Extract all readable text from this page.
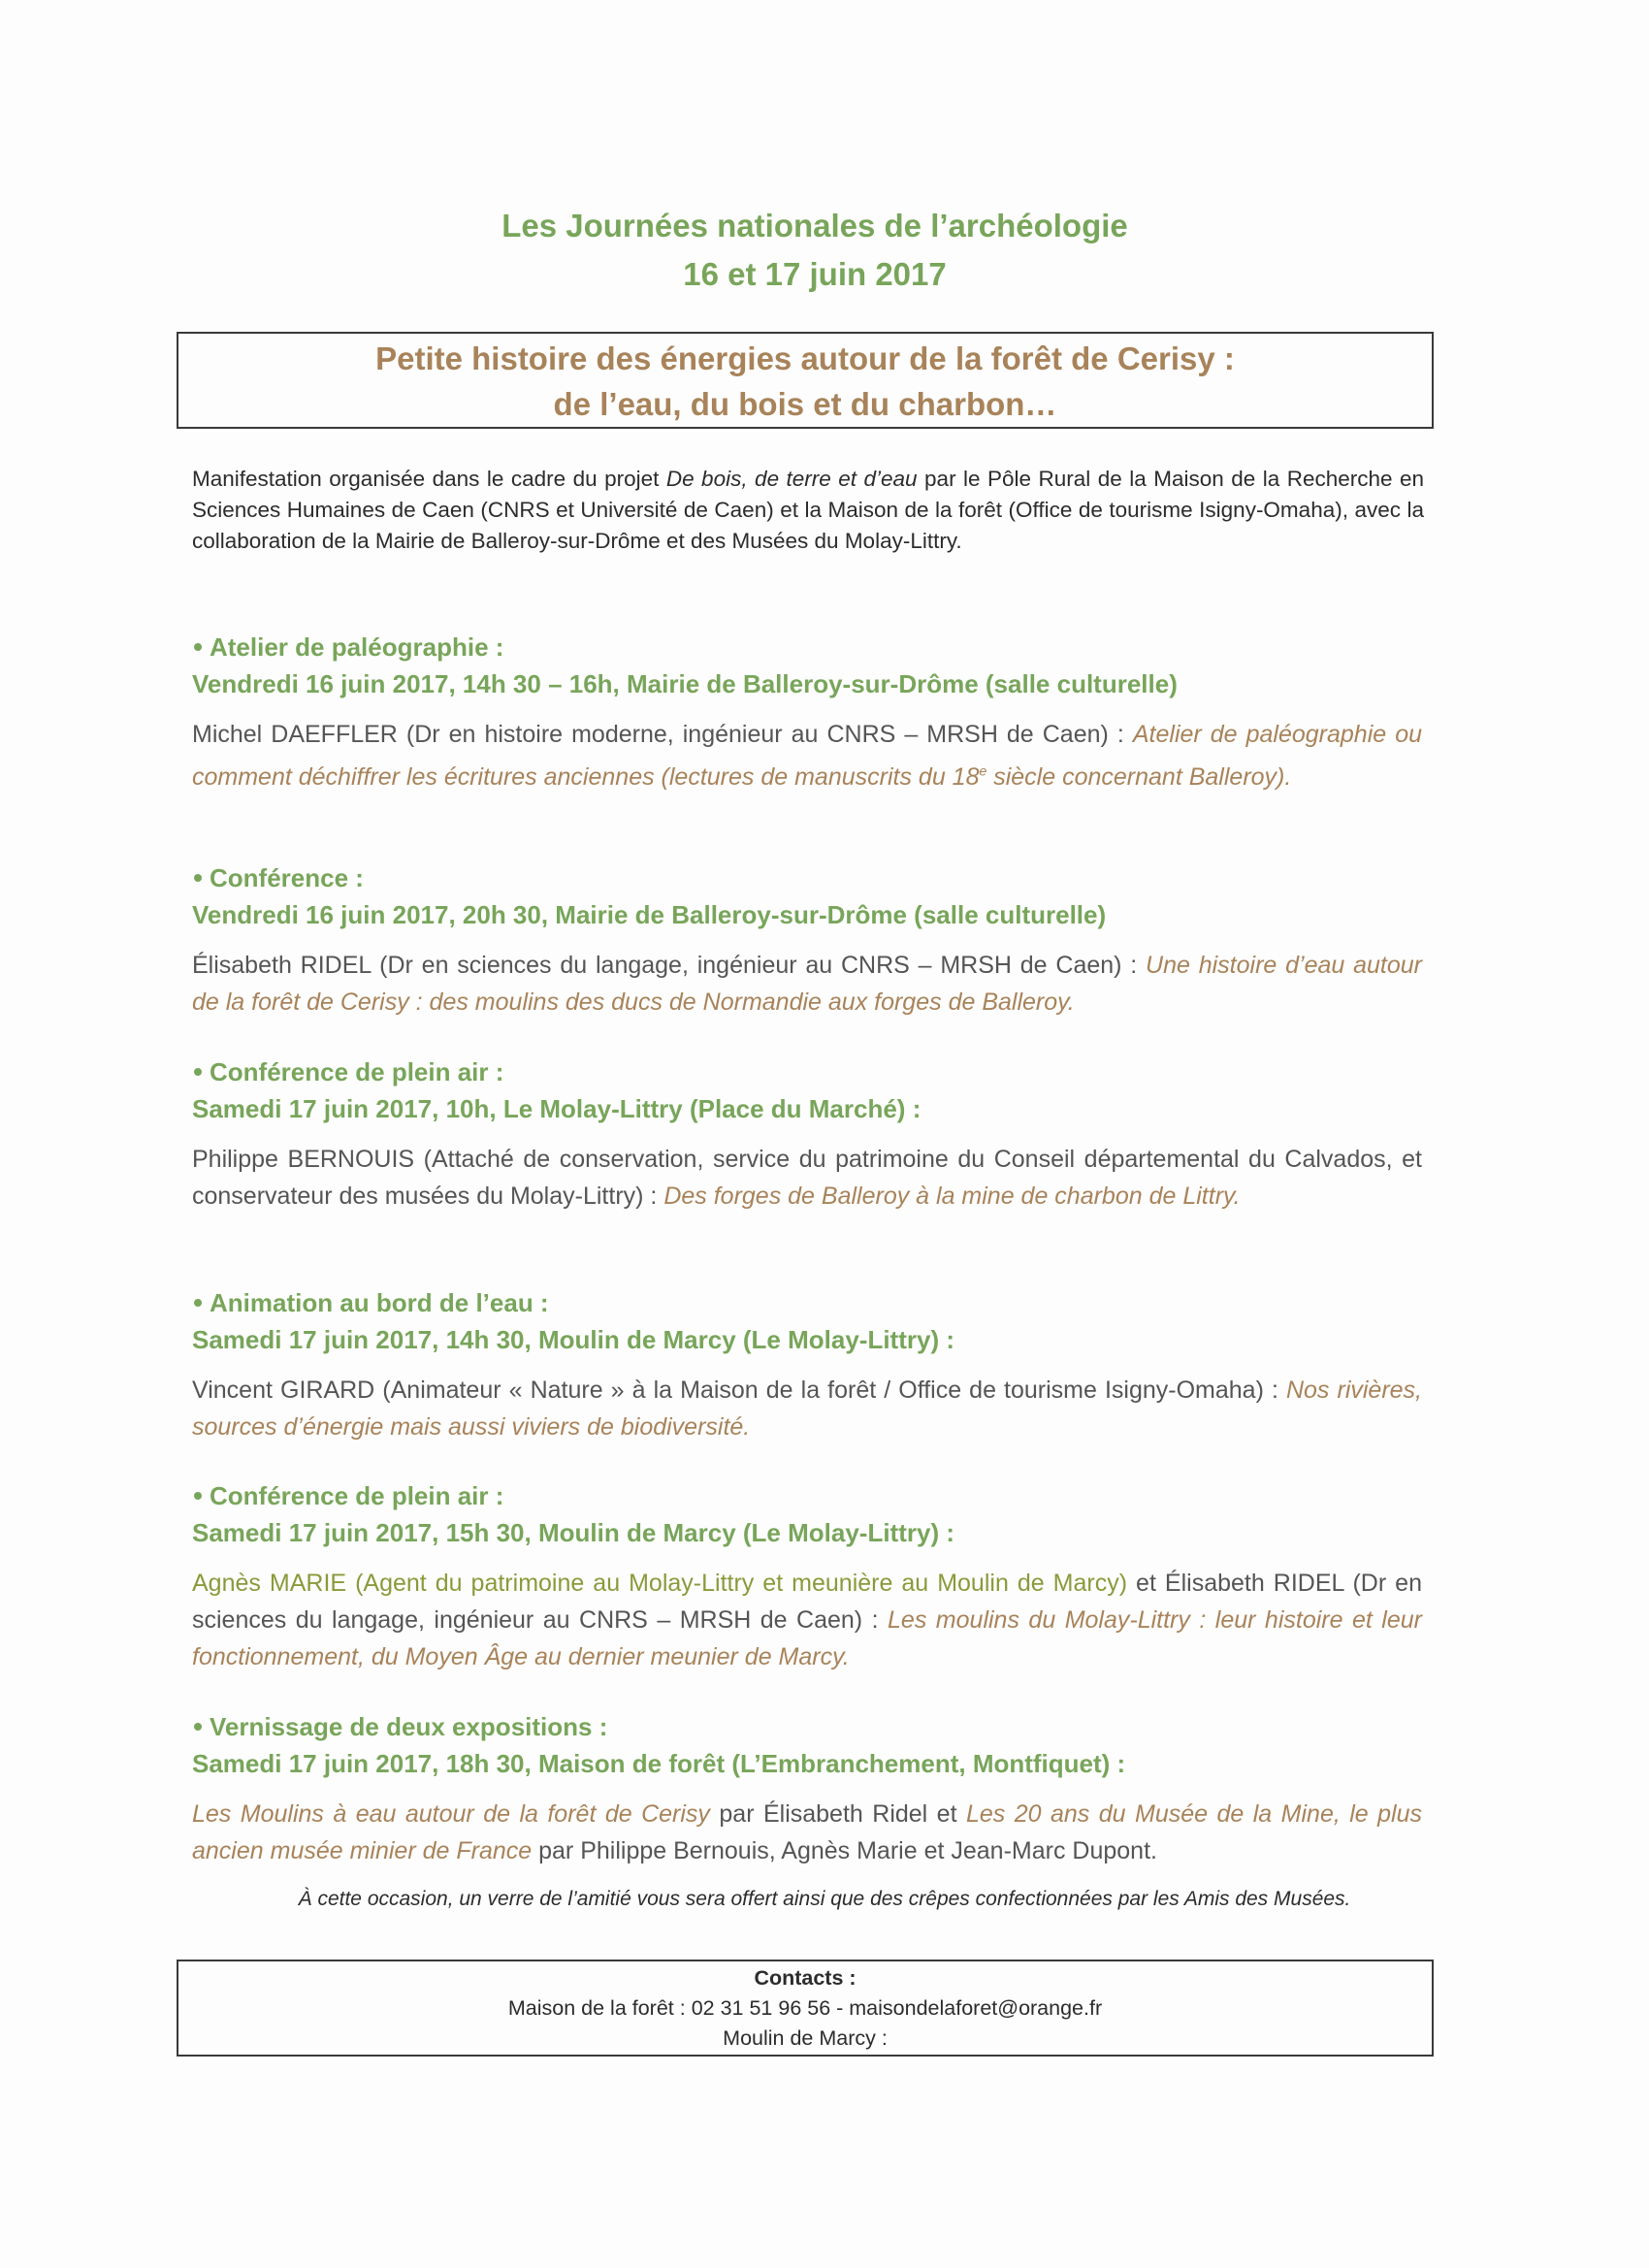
Les Journées nationales de l’archéologie
16 et 17 juin 2017
Petite histoire des énergies autour de la forêt de Cerisy :
de l’eau, du bois et du charbon…
Manifestation organisée dans le cadre du projet De bois, de terre et d’eau par le Pôle Rural de la Maison de la Recherche en Sciences Humaines de Caen (CNRS et Université de Caen) et la Maison de la forêt (Office de tourisme Isigny-Omaha), avec la collaboration de la Mairie de Balleroy-sur-Drôme et des Musées du Molay-Littry.
Atelier de paléographie :
Vendredi 16 juin 2017, 14h 30 – 16h, Mairie de Balleroy-sur-Drôme (salle culturelle)
Michel DAEFFLER (Dr en histoire moderne, ingénieur au CNRS – MRSH de Caen) : Atelier de paléographie ou comment déchiffrer les écritures anciennes (lectures de manuscrits du 18e siècle concernant Balleroy).
Conférence :
Vendredi 16 juin 2017, 20h 30, Mairie de Balleroy-sur-Drôme (salle culturelle)
Élisabeth RIDEL (Dr en sciences du langage, ingénieur au CNRS – MRSH de Caen) : Une histoire d’eau autour de la forêt de Cerisy : des moulins des ducs de Normandie aux forges de Balleroy.
Conférence de plein air :
Samedi 17 juin 2017, 10h, Le Molay-Littry (Place du Marché) :
Philippe BERNOUIS (Attaché de conservation, service du patrimoine du Conseil départemental du Calvados, et conservateur des musées du Molay-Littry) : Des forges de Balleroy à la mine de charbon de Littry.
Animation au bord de l’eau :
Samedi 17 juin 2017, 14h 30, Moulin de Marcy (Le Molay-Littry) :
Vincent GIRARD (Animateur « Nature » à la Maison de la forêt / Office de tourisme Isigny-Omaha) : Nos rivières, sources d’énergie mais aussi viviers de biodiversité.
Conférence de plein air :
Samedi 17 juin 2017, 15h 30, Moulin de Marcy (Le Molay-Littry) :
Agnès MARIE (Agent du patrimoine au Molay-Littry et meunière au Moulin de Marcy) et Élisabeth RIDEL (Dr en sciences du langage, ingénieur au CNRS – MRSH de Caen) : Les moulins du Molay-Littry : leur histoire et leur fonctionnement, du Moyen Âge au dernier meunier de Marcy.
Vernissage de deux expositions :
Samedi 17 juin 2017, 18h 30, Maison de forêt (L’Embranchement, Montfiquet) :
Les Moulins à eau autour de la forêt de Cerisy par Élisabeth Ridel et Les 20 ans du Musée de la Mine, le plus ancien musée minier de France par Philippe Bernouis, Agnès Marie et Jean-Marc Dupont.
À cette occasion, un verre de l’amitié vous sera offert ainsi que des crêpes confectionnées par les Amis des Musées.
Contacts :
Maison de la forêt : 02 31 51 96 56 - maisondelaforet@orange.fr
Moulin de Marcy :
